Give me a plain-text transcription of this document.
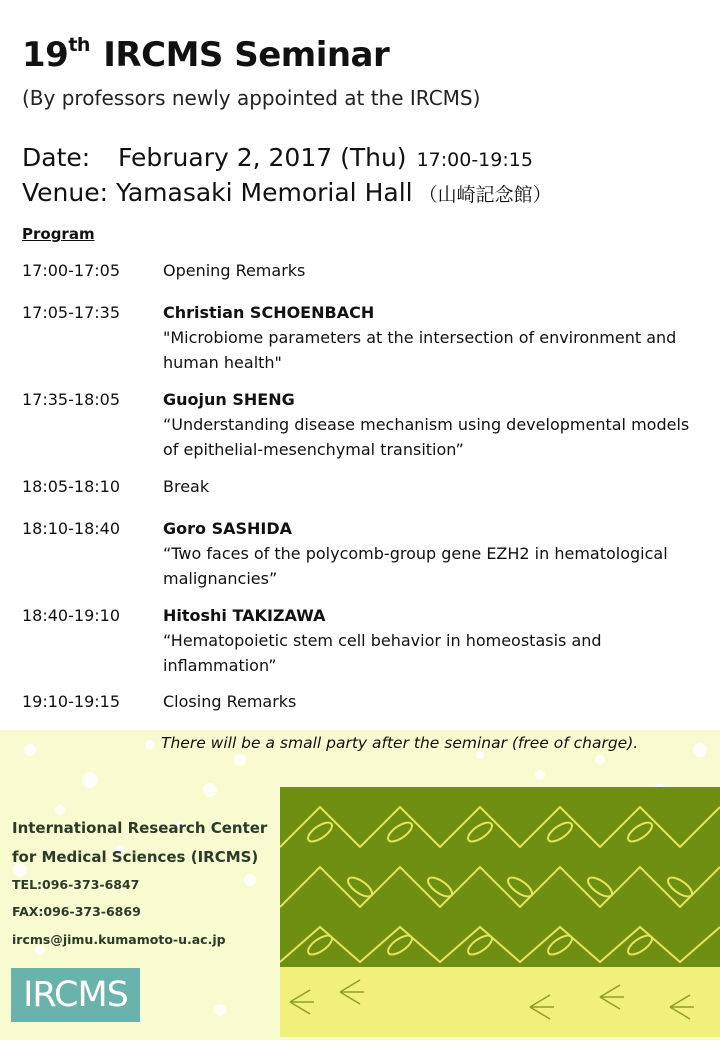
19th IRCMS Seminar
(By professors newly appointed at the IRCMS)
Date: February 2, 2017 (Thu) 17:00-19:15
Venue: Yamasaki Memorial Hall （山崎記念館）
Program
17:00-17:05	Opening Remarks
17:05-17:35	Christian SCHOENBACH
"Microbiome parameters at the intersection of environment and human health"
17:35-18:05	Guojun SHENG
“Understanding disease mechanism using developmental models of epithelial-mesenchymal transition”
18:05-18:10	Break
18:10-18:40	Goro SASHIDA
“Two faces of the polycomb-group gene EZH2 in hematological malignancies”
18:40-19:10	Hitoshi TAKIZAWA
“Hematopoietic stem cell behavior in homeostasis and inflammation”
19:10-19:15	Closing Remarks
There will be a small party after the seminar (free of charge).
International Research Center
for Medical Sciences (IRCMS)
TEL:096-373-6847
FAX:096-373-6869
ircms@jimu.kumamoto-u.ac.jp
IRCMS
